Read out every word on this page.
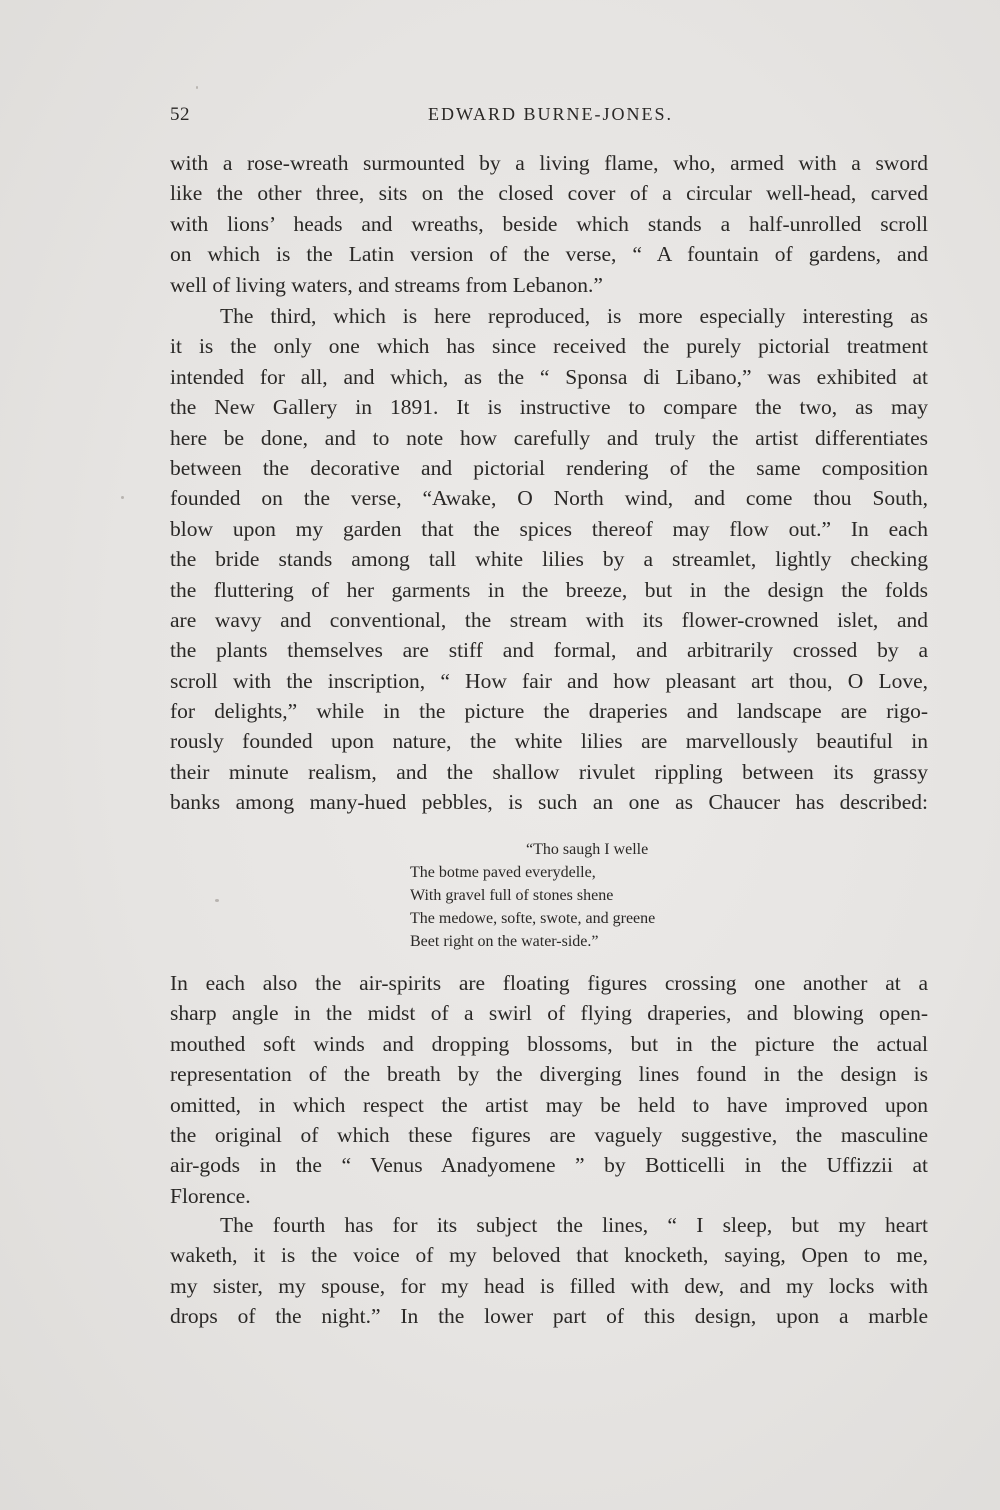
52	EDWARD BURNE-JONES.

with a rose-wreath surmounted by a living flame, who, armed with a sword
like the other three, sits on the closed cover of a circular well-head, carved
with lions’ heads and wreaths, beside which stands a half-unrolled scroll
on which is the Latin version of the verse, “ A fountain of gardens, and
well of living waters, and streams from Lebanon.”

The third, which is here reproduced, is more especially interesting as
it is the only one which has since received the purely pictorial treatment
intended for all, and which, as the “ Sponsa di Libano,” was exhibited at
the New Gallery in 1891. It is instructive to compare the two, as may
here be done, and to note how carefully and truly the artist differentiates
between the decorative and pictorial rendering of the same composition
founded on the verse, “Awake, O North wind, and come thou South,
blow upon my garden that the spices thereof may flow out.” In each
the bride stands among tall white lilies by a streamlet, lightly checking
the fluttering of her garments in the breeze, but in the design the folds
are wavy and conventional, the stream with its flower-crowned islet, and
the plants themselves are stiff and formal, and arbitrarily crossed by a
scroll with the inscription, “ How fair and how pleasant art thou, O Love,
for delights,” while in the picture the draperies and landscape are rigo-
rously founded upon nature, the white lilies are marvellously beautiful in
their minute realism, and the shallow rivulet rippling between its grassy
banks among many-hued pebbles, is such an one as Chaucer has described:

“Tho saugh I welle
The botme paved everydelle,
With gravel full of stones shene
The medowe, softe, swote, and greene
Beet right on the water-side.”

In each also the air-spirits are floating figures crossing one another at a
sharp angle in the midst of a swirl of flying draperies, and blowing open-
mouthed soft winds and dropping blossoms, but in the picture the actual
representation of the breath by the diverging lines found in the design is
omitted, in which respect the artist may be held to have improved upon
the original of which these figures are vaguely suggestive, the masculine
air-gods in the “ Venus Anadyomene ” by Botticelli in the Uffizzii at
Florence.

The fourth has for its subject the lines, “ I sleep, but my heart
waketh, it is the voice of my beloved that knocketh, saying, Open to me,
my sister, my spouse, for my head is filled with dew, and my locks with
drops of the night.” In the lower part of this design, upon a marble
